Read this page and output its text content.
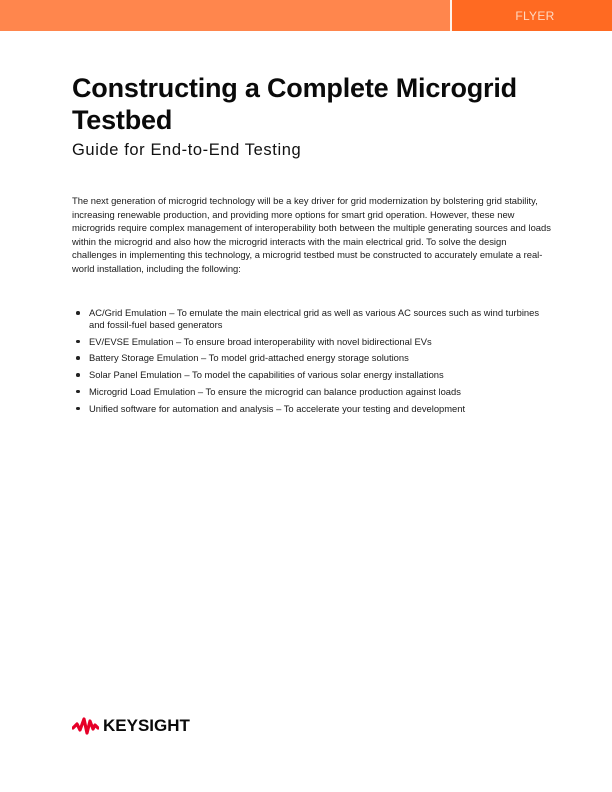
FLYER
Constructing a Complete Microgrid Testbed
Guide for End-to-End Testing

The next generation of microgrid technology will be a key driver for grid modernization by bolstering grid stability, increasing renewable production, and providing more options for smart grid operation. However, these new microgrids require complex management of interoperability both between the multiple generating sources and loads within the microgrid and also how the microgrid interacts with the main electrical grid. To solve the design challenges in implementing this technology, a microgrid testbed must be constructed to accurately emulate a real-world installation, including the following:

AC/Grid Emulation – To emulate the main electrical grid as well as various AC sources such as wind turbines and fossil-fuel based generators
EV/EVSE Emulation – To ensure broad interoperability with novel bidirectional EVs
Battery Storage Emulation – To model grid-attached energy storage solutions
Solar Panel Emulation – To model the capabilities of various solar energy installations
Microgrid Load Emulation – To ensure the microgrid can balance production against loads
Unified software for automation and analysis – To accelerate your testing and development
KEYSIGHT
